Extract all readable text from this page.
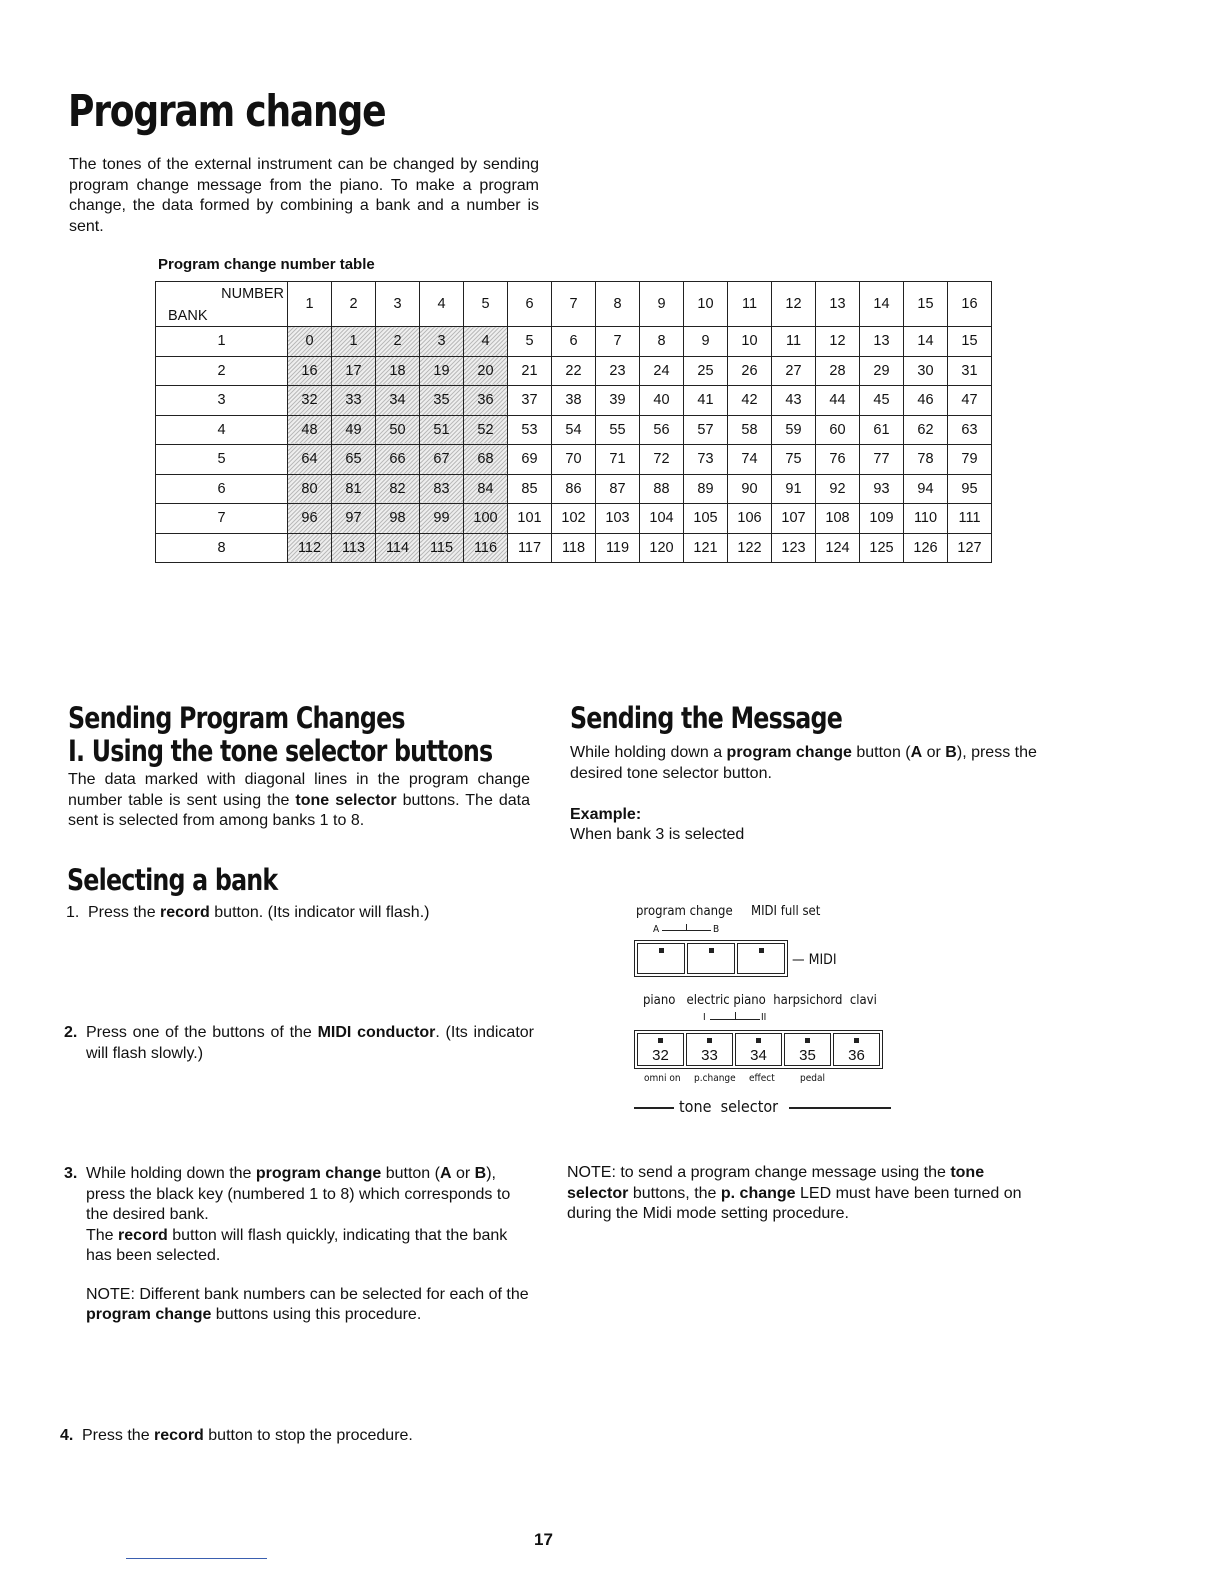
Program change

The tones of the external instrument can be changed by sending program change message from the piano. To make a program change, the data formed by combining a bank and a number is sent.

Program change number table
NUMBER
BANK	1	2	3	4	5	6	7	8	9	10	11	12	13	14	15	16
1	0	1	2	3	4	5	6	7	8	9	10	11	12	13	14	15
2	16	17	18	19	20	21	22	23	24	25	26	27	28	29	30	31
3	32	33	34	35	36	37	38	39	40	41	42	43	44	45	46	47
4	48	49	50	51	52	53	54	55	56	57	58	59	60	61	62	63
5	64	65	66	67	68	69	70	71	72	73	74	75	76	77	78	79
6	80	81	82	83	84	85	86	87	88	89	90	91	92	93	94	95
7	96	97	98	99	100	101	102	103	104	105	106	107	108	109	110	111
8	112	113	114	115	116	117	118	119	120	121	122	123	124	125	126	127
Sending Program Changes
I. Using the tone selector buttons

The data marked with diagonal lines in the program change number table is sent using the tone selector buttons. The data sent is selected from among banks 1 to 8.

Selecting a bank
1. Press the record button. (Its indicator will flash.)
2. Press one of the buttons of the MIDI conductor. (Its indicator will flash slowly.)
3. While holding down the program change button (A or B), press the black key (numbered 1 to 8) which corresponds to the desired bank.
The record button will flash quickly, indicating that the bank has been selected.
NOTE: Different bank numbers can be selected for each of the program change buttons using this procedure.
4. Press the record button to stop the procedure.
Sending the Message

While holding down a program change button (A or B), press the desired tone selector button.

Example:

When bank 3 is selected

program change MIDI full set
A	B
— MIDI
piano   electric piano  harpsichord  clavi
I	II
32	33	34	35	36
omni on p.change effect	pedal
tone  selector

NOTE: to send a program change message using the tone selector buttons, the p. change LED must have been turned on during the Midi mode setting procedure.

17
